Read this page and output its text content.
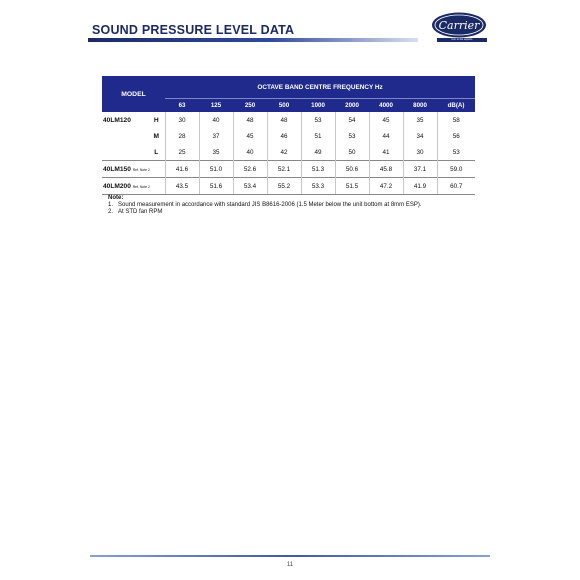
SOUND PRESSURE LEVEL DATA	Carrier
turn to the experts
MODEL		OCTAVE BAND CENTRE FREQUENCY Hz								
		63	125	250	500	1000	2000	4000	8000	dB(A)
40LM120	H	30	40	48	48	53	54	45	35	58
	M	28	37	45	46	51	53	44	34	56
	L	25	35	40	42	49	50	41	30	53
40LM150 Ref. Note 2		41.6	51.0	52.6	52.1	51.3	50.6	45.8	37.1	59.0
40LM200 Ref. Note 2		43.5	51.6	53.4	55.2	53.3	51.5	47.2	41.9	60.7
Note:
1. Sound measurement in accordance with standard JIS B8616-2006 (1.5 Meter below the unit bottom at 8mm ESP).
2. At STD fan RPM
11
